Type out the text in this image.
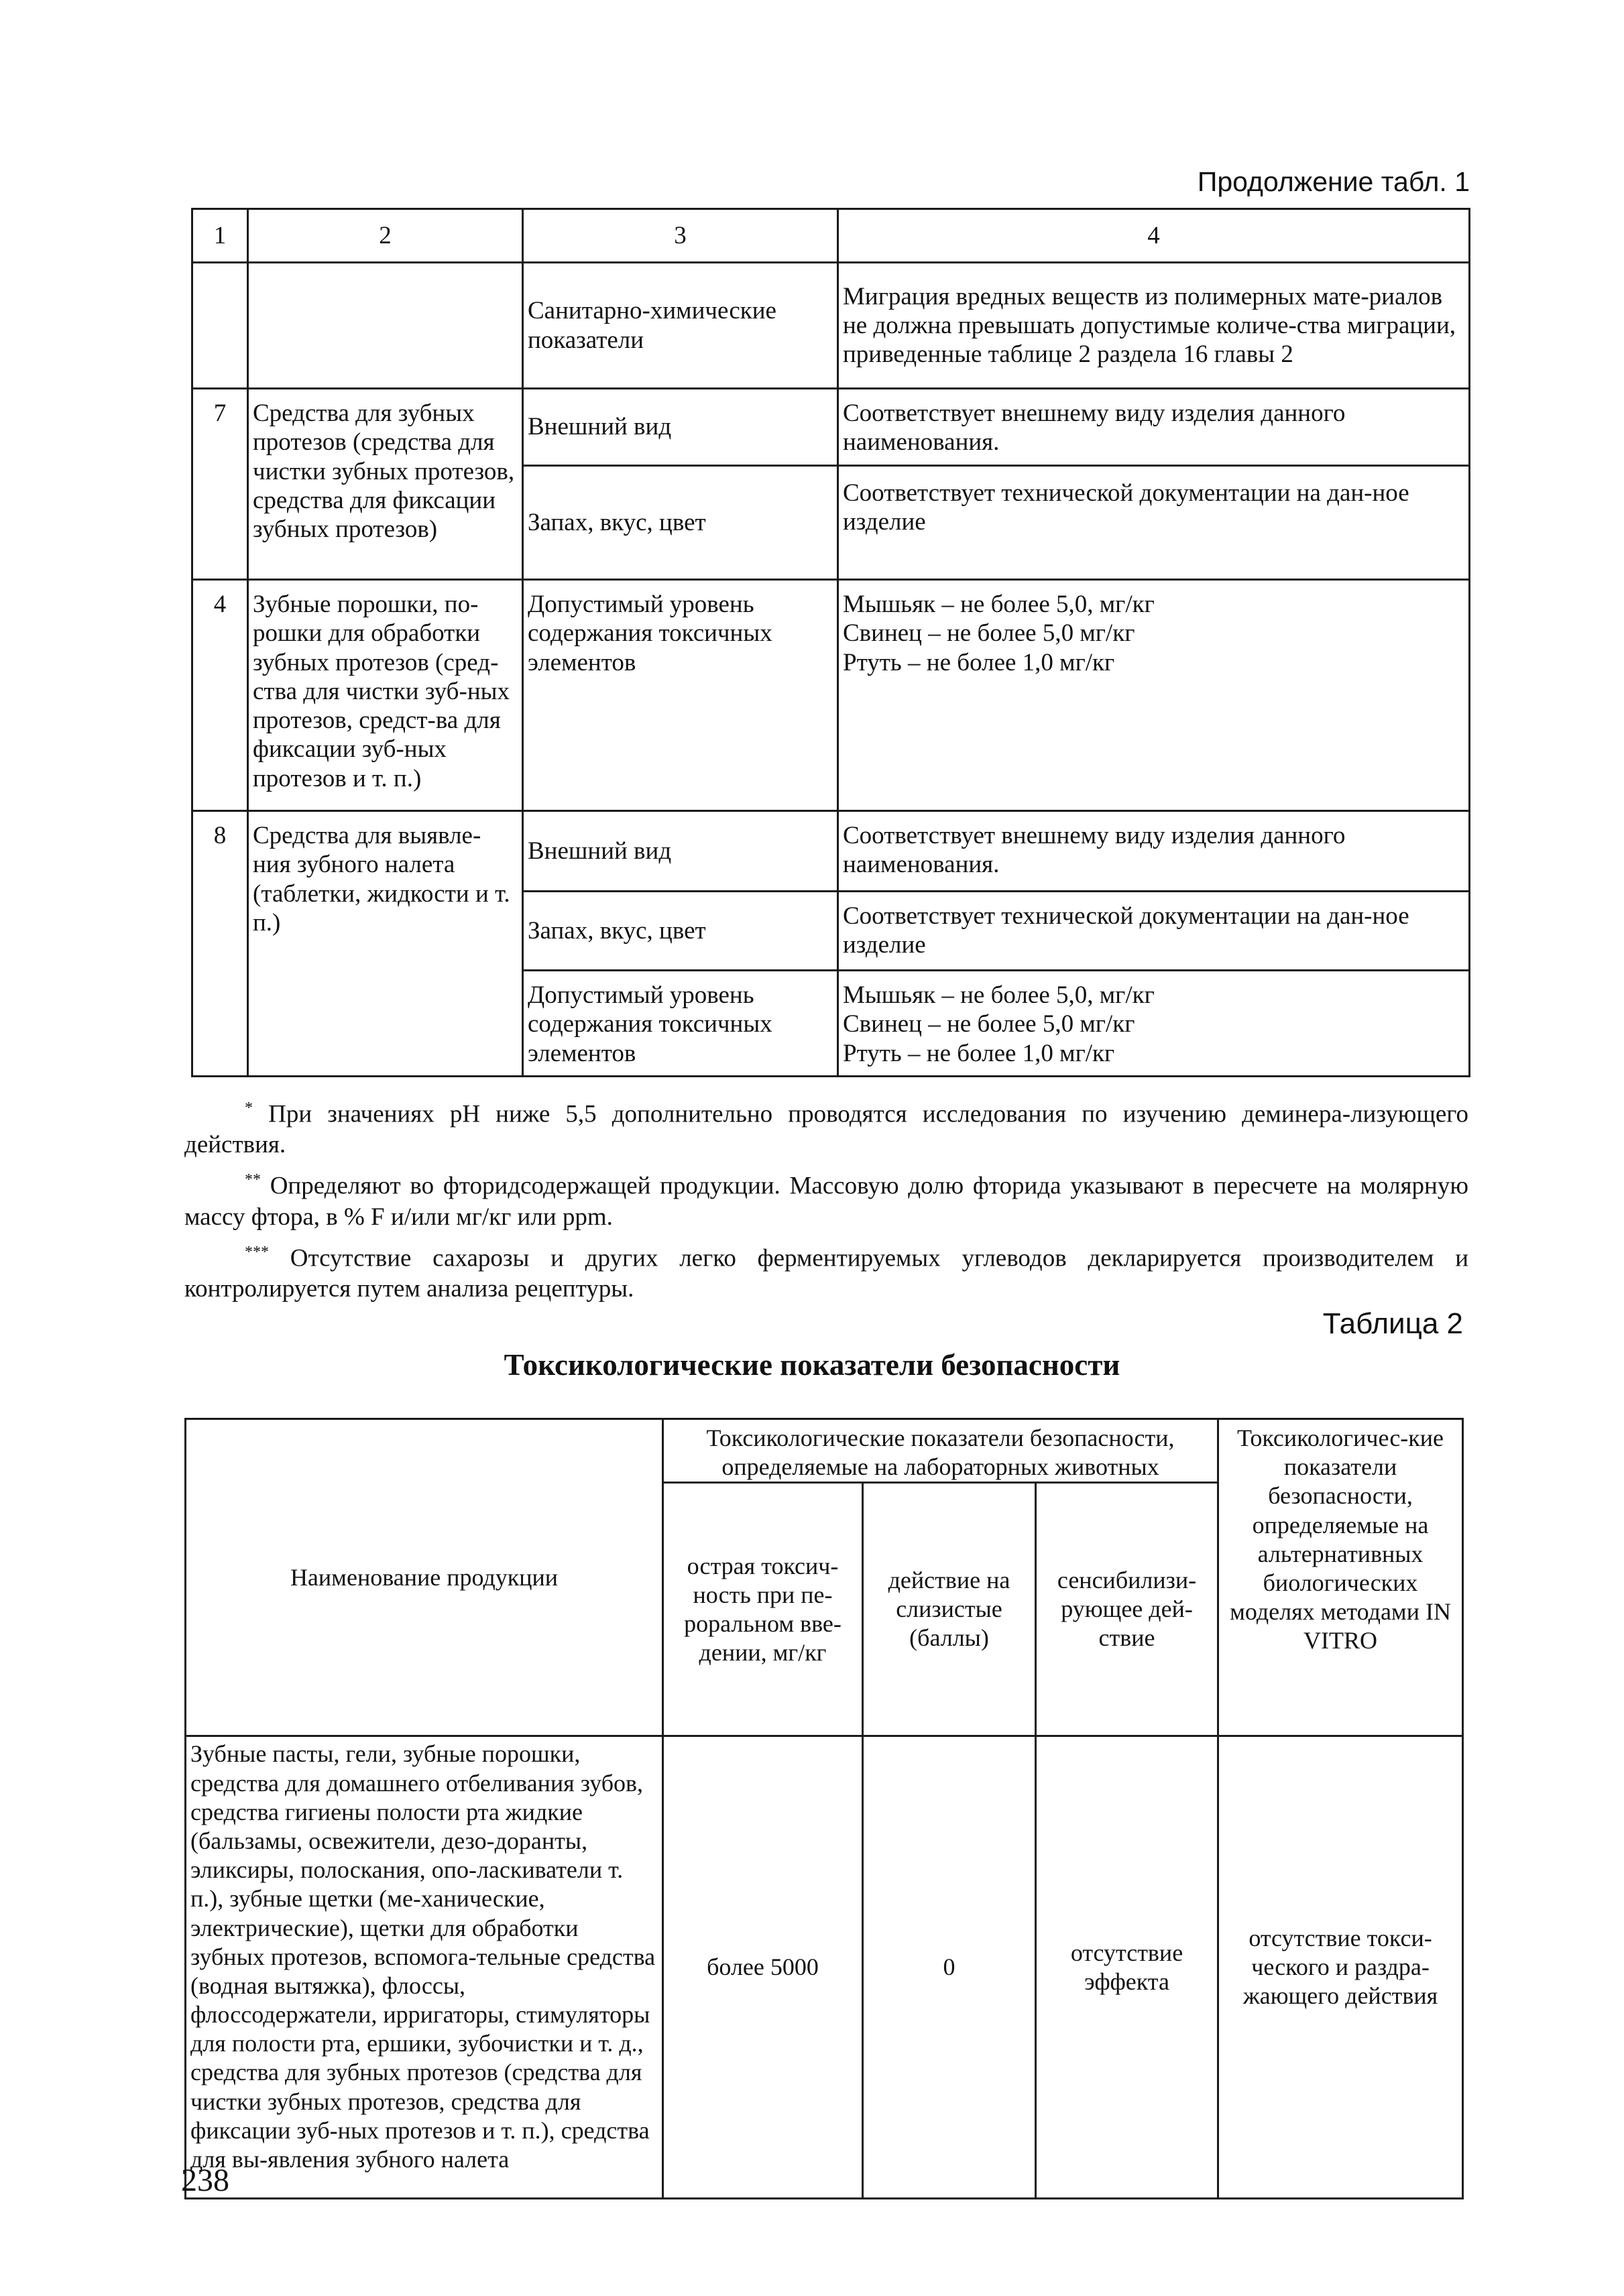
Продолжение табл. 1
1	2	3	4
		Санитарно-химические показатели	Миграция вредных веществ из полимерных мате-риалов не должна превышать допустимые количе-ства миграции, приведенные таблице 2 раздела 16 главы 2
7	Средства для зубных протезов (средства для чистки зубных протезов, средства для фиксации зубных протезов)	Внешний вид	Соответствует внешнему виду изделия данного наименования.
		Запах, вкус, цвет	Соответствует технической документации на дан-ное изделие
4	Зубные порошки, по-рошки для обработки зубных протезов (сред-ства для чистки зуб-ных протезов, средст-ва для фиксации зуб-ных протезов и т. п.)	Допустимый уровень содержания токсичных элементов	Мышьяк – не более 5,0, мг/кг
Свинец – не более 5,0 мг/кг
Ртуть – не более 1,0 мг/кг

8	Средства для выявле-ния зубного налета (таблетки, жидкости и т. п.)	Внешний вид	Соответствует внешнему виду изделия данного наименования.
		Запах, вкус, цвет	Соответствует технической документации на дан-ное изделие
		Допустимый уровень содержания токсичных элементов	Мышьяк – не более 5,0, мг/кг
Свинец – не более 5,0 мг/кг
Ртуть – не более 1,0 мг/кг

* При значениях pH ниже 5,5 дополнительно проводятся исследования по изучению деминера-лизующего действия.

** Определяют во фторидсодержащей продукции. Массовую долю фторида указывают в пересчете на молярную массу фтора, в % F и/или мг/кг или ppm.

*** Отсутствие сахарозы и других легко ферментируемых углеводов декларируется производителем и контролируется путем анализа рецептуры.

Таблица 2
Токсикологические показатели безопасности
Наименование продукции	Токсикологические показатели безопасности, определяемые на лабораторных животных			Токсикологичес-кие показатели безопасности, определяемые на альтернативных биологических моделях методами IN VITRO
	острая токсич-ность при пе-роральном вве-дении, мг/кг	действие на слизистые (баллы)	сенсибилизи-рующее дей-ствие	
Зубные пасты, гели, зубные порошки, средства для домашнего отбеливания зубов, средства гигиены полости рта жидкие (бальзамы, освежители, дезо-доранты, эликсиры, полоскания, опо-ласкиватели т. п.), зубные щетки (ме-ханические, электрические), щетки для обработки зубных протезов, вспомога-тельные средства (водная вытяжка), флоссы, флоссодержатели, ирригаторы, стимуляторы для полости рта, ершики, зубочистки и т. д., средства для зубных протезов (средства для чистки зубных протезов, средства для фиксации зуб-ных протезов и т. п.), средства для вы-явления зубного налета	более 5000	0	отсутствие эффекта	отсутствие токси-ческого и раздра-жающего действия
238
